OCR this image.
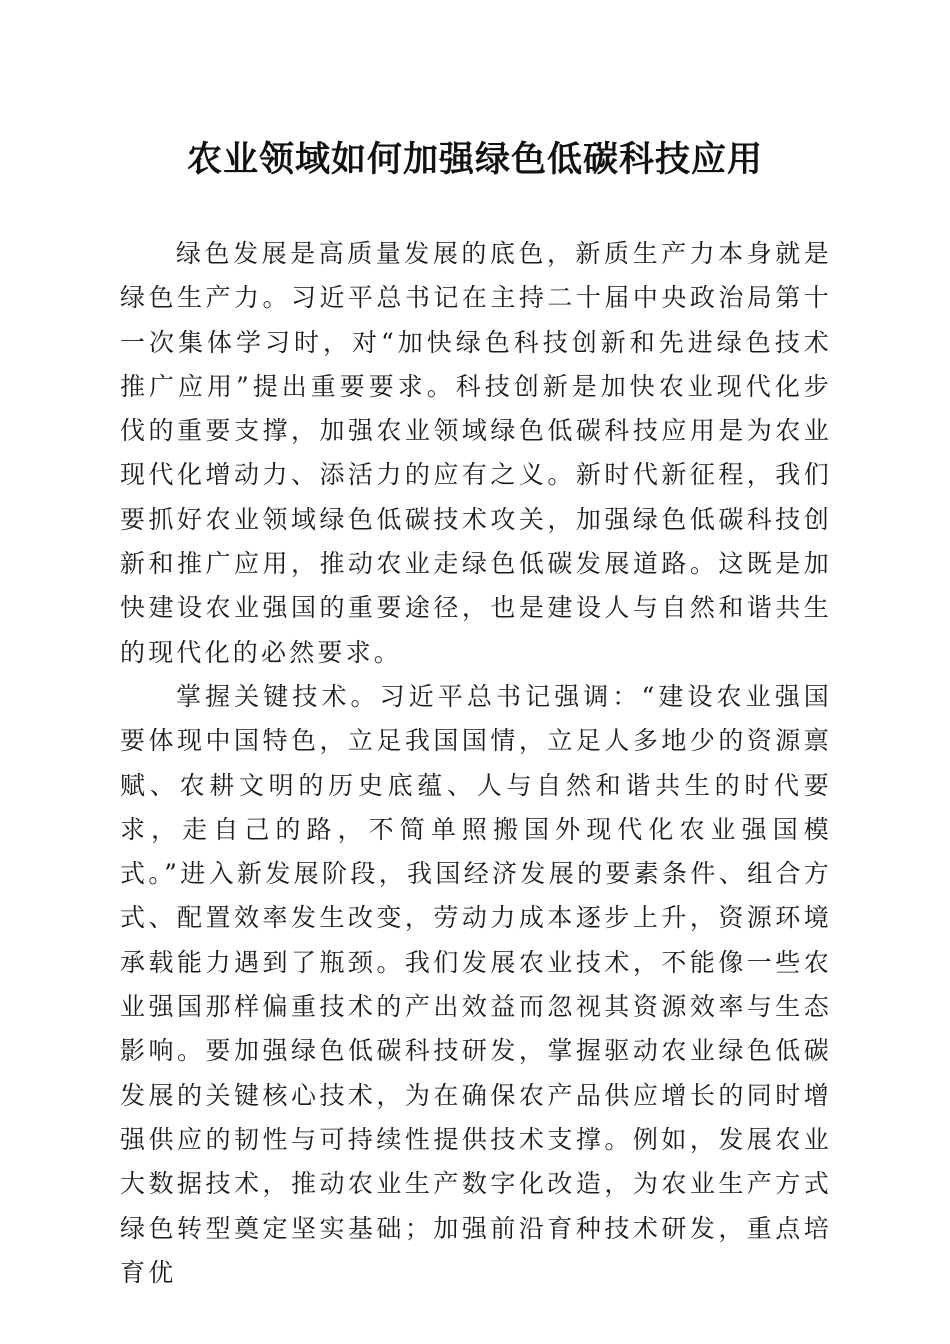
农业领域如何加强绿色低碳科技应用

绿色发展是高质量发展的底色，新质生产力本身就是绿色生产力。习近平总书记在主持二十届中央政治局第十一次集体学习时，对“加快绿色科技创新和先进绿色技术推广应用”提出重要要求。科技创新是加快农业现代化步伐的重要支撑，加强农业领域绿色低碳科技应用是为农业现代化增动力、添活力的应有之义。新时代新征程，我们要抓好农业领域绿色低碳技术攻关，加强绿色低碳科技创新和推广应用，推动农业走绿色低碳发展道路。这既是加快建设农业强国的重要途径，也是建设人与自然和谐共生的现代化的必然要求。

掌握关键技术。习近平总书记强调：“建设农业强国要体现中国特色，立足我国国情，立足人多地少的资源禀赋、农耕文明的历史底蕴、人与自然和谐共生的时代要求，走自己的路，不简单照搬国外现代化农业强国模式。”进入新发展阶段，我国经济发展的要素条件、组合方式、配置效率发生改变，劳动力成本逐步上升，资源环境承载能力遇到了瓶颈。我们发展农业技术，不能像一些农业强国那样偏重技术的产出效益而忽视其资源效率与生态影响。要加强绿色低碳科技研发，掌握驱动农业绿色低碳发展的关键核心技术，为在确保农产品供应增长的同时增强供应的韧性与可持续性提供技术支撑。例如，发展农业大数据技术，推动农业生产数字化改造，为农业生产方式绿色转型奠定坚实基础；加强前沿育种技术研发，重点培育优
